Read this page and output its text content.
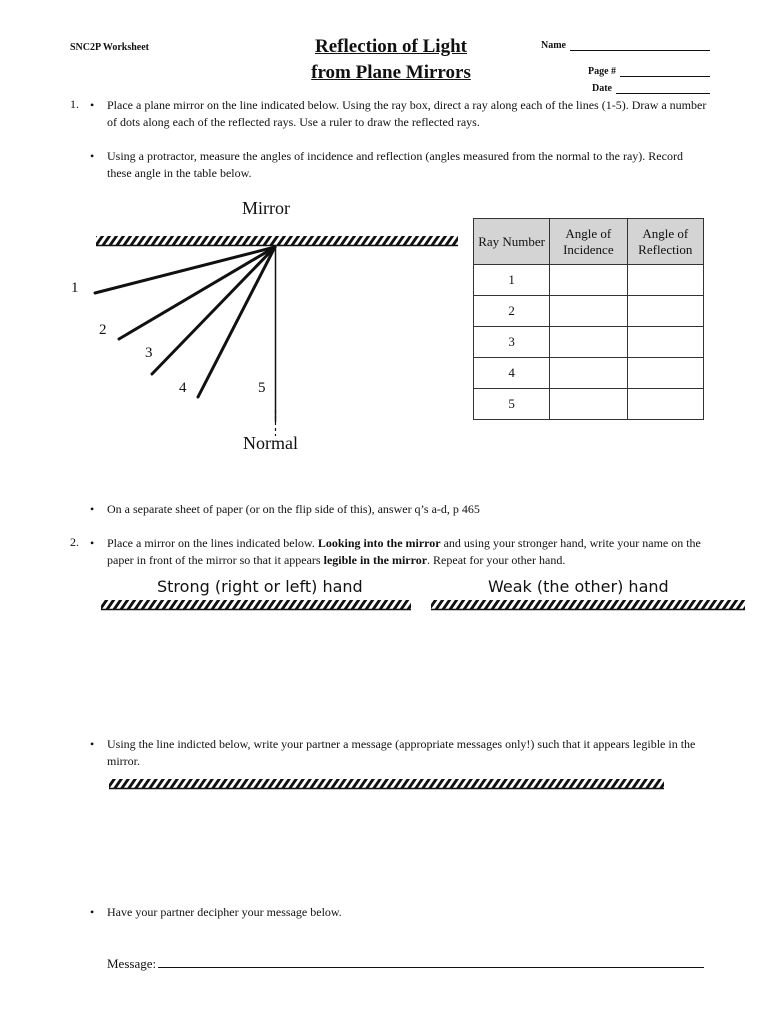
SNC2P Worksheet	Reflection of Light
from Plane Mirrors
Name
Page #
Date
1. • Place a plane mirror on the line indicated below. Using the ray box, direct a ray along each of the lines (1-5). Draw a number of dots along each of the reflected rays. Use a ruler to draw the reflected rays.
• Using a protractor, measure the angles of incidence and reflection (angles measured from the normal to the ray). Record these angle in the table below.
Mirror
Normal
1
2
3
4	5
Ray Number	Angle of Incidence	Angle of Reflection
1		
2		
3		
4		
5		
• On a separate sheet of paper (or on the flip side of this), answer q’s a-d, p 465
2. • Place a mirror on the lines indicated below. Looking into the mirror and using your stronger hand, write your name on the paper in front of the mirror so that it appears legible in the mirror. Repeat for your other hand.
Strong (right or left) hand	Weak (the other) hand
• Using the line indicted below, write your partner a message (appropriate messages only!) such that it appears legible in the mirror.
• Have your partner decipher your message below.
Message:
